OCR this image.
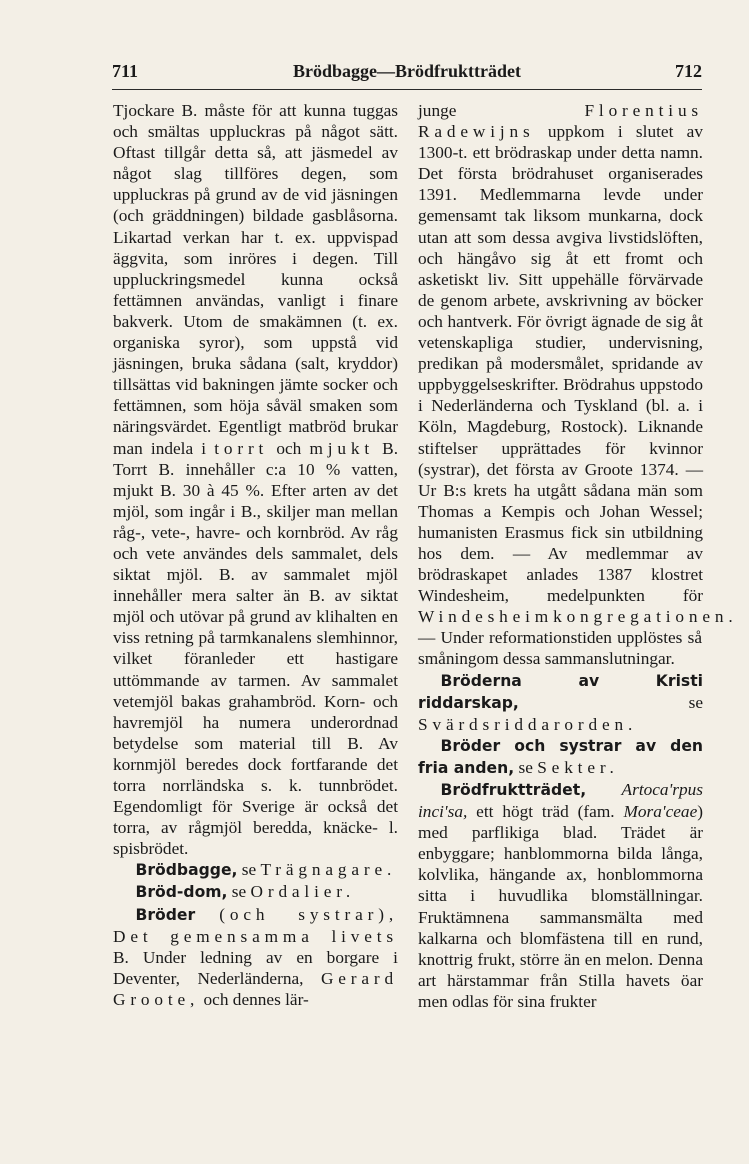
711	Brödbagge—Brödfruktträdet	712

Tjockare B. måste för att kunna tuggas och smältas uppluckras på något sätt. Oftast tillgår detta så, att jäsmedel av något slag tillföres degen, som uppluckras på grund av de vid jäsningen (och gräddningen) bildade gasblåsorna. Likartad verkan har t. ex. uppvispad äggvita, som inröres i degen. Till uppluckringsmedel kunna också fettämnen användas, vanligt i finare bakverk. Utom de smakämnen (t. ex. organiska syror), som uppstå vid jäsningen, bruka sådana (salt, kryddor) tillsättas vid bakningen jämte socker och fettämnen, som höja såväl smaken som näringsvärdet. Egentligt matbröd brukar man indela i torrt och mjukt B. Torrt B. innehåller c:a 10 % vatten, mjukt B. 30 à 45 %. Efter arten av det mjöl, som ingår i B., skiljer man mellan råg-, vete-, havre- och kornbröd. Av råg och vete användes dels sammalet, dels siktat mjöl. B. av sammalet mjöl innehåller mera salter än B. av siktat mjöl och utövar på grund av klihalten en viss retning på tarmkanalens slemhinnor, vilket föranleder ett hastigare uttömmande av tarmen. Av sammalet vetemjöl bakas grahambröd. Korn- och havremjöl ha numera underordnad betydelse som material till B. Av kornmjöl beredes dock fortfarande det torra norrländska s. k. tunnbrödet. Egendomligt för Sverige är också det torra, av rågmjöl beredda, knäcke- l. spisbrödet.

Brödbagge, se Trägnagare.

Bröd-dom, se Ordalier.

Bröder (och systrar), Det gemensamma livets B. Under ledning av en borgare i Deventer, Nederländerna, Gerard Groote, och dennes lär-

junge Florentius Radewijns uppkom i slutet av 1300-t. ett brödraskap under detta namn. Det första brödrahuset organiserades 1391. Medlemmarna levde under gemensamt tak liksom munkarna, dock utan att som dessa avgiva livstidslöften, och hängåvo sig åt ett fromt och asketiskt liv. Sitt uppehälle förvärvade de genom arbete, avskrivning av böcker och hantverk. För övrigt ägnade de sig åt vetenskapliga studier, undervisning, predikan på modersmålet, spridande av uppbyggelseskrifter. Brödrahus uppstodo i Nederländerna och Tyskland (bl. a. i Köln, Magdeburg, Rostock). Liknande stiftelser upprättades för kvinnor (systrar), det första av Groote 1374. — Ur B:s krets ha utgått sådana män som Thomas a Kempis och Johan Wessel; humanisten Erasmus fick sin utbildning hos dem. — Av medlemmar av brödraskapet anlades 1387 klostret Windesheim, medelpunkten för Windesheimkongregationen. — Under reformationstiden upplöstes så småningom dessa sammanslutningar.

Bröderna av Kristi riddarskap, se Svärdsriddarorden.

Bröder och systrar av den fria anden, se Sekter.

Brödfruktträdet, Artoca'rpus inci'sa, ett högt träd (fam. Mora'ceae) med parflikiga blad. Trädet är enbyggare; hanblommorna bilda långa, kolvlika, hängande ax, honblommorna sitta i huvudlika blomställningar. Fruktämnena sammansmälta med kalkarna och blomfästena till en rund, knottrig frukt, större än en melon. Denna art härstammar från Stilla havets öar men odlas för sina frukter
